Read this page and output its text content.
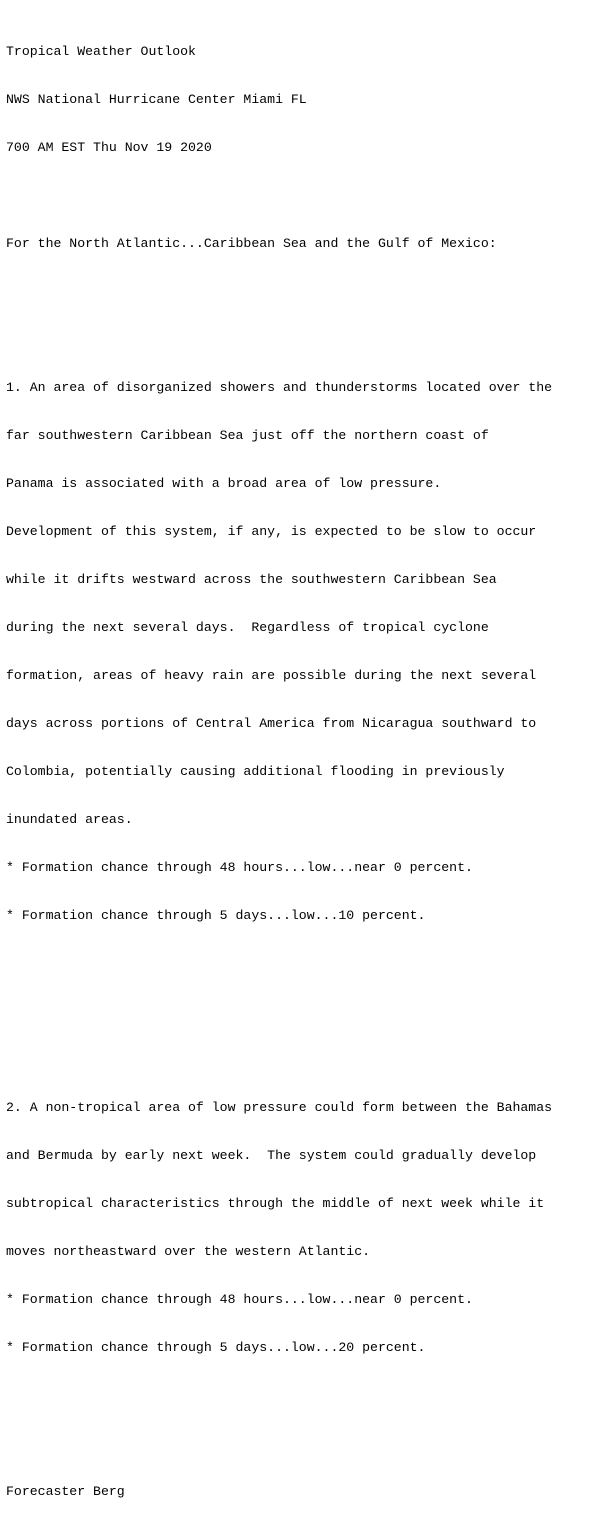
Tropical Weather Outlook

NWS National Hurricane Center Miami FL

700 AM EST Thu Nov 19 2020

For the North Atlantic...Caribbean Sea and the Gulf of Mexico:

1. An area of disorganized showers and thunderstorms located over the

far southwestern Caribbean Sea just off the northern coast of

Panama is associated with a broad area of low pressure.

Development of this system, if any, is expected to be slow to occur

while it drifts westward across the southwestern Caribbean Sea

during the next several days.  Regardless of tropical cyclone

formation, areas of heavy rain are possible during the next several

days across portions of Central America from Nicaragua southward to

Colombia, potentially causing additional flooding in previously

inundated areas.

* Formation chance through 48 hours...low...near 0 percent.

* Formation chance through 5 days...low...10 percent.

2. A non-tropical area of low pressure could form between the Bahamas

and Bermuda by early next week.  The system could gradually develop

subtropical characteristics through the middle of next week while it

moves northeastward over the western Atlantic.

* Formation chance through 48 hours...low...near 0 percent.

* Formation chance through 5 days...low...20 percent.

Forecaster Berg
